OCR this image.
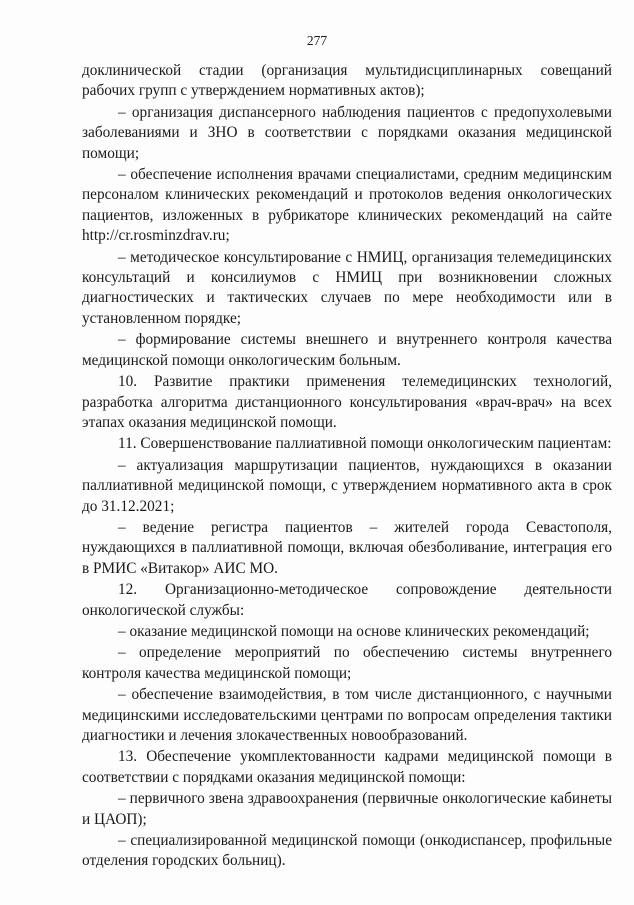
277

доклинической стадии (организация мультидисциплинарных совещаний рабочих групп с утверждением нормативных актов);

– организация диспансерного наблюдения пациентов с предопухолевыми заболеваниями и ЗНО в соответствии с порядками оказания медицинской помощи;

– обеспечение исполнения врачами специалистами, средним медицинским персоналом клинических рекомендаций и протоколов ведения онкологических пациентов, изложенных в рубрикаторе клинических рекомендаций на сайте http://cr.rosminzdrav.ru;

– методическое консультирование с НМИЦ, организация телемедицинских консультаций и консилиумов с НМИЦ при возникновении сложных диагностических и тактических случаев по мере необходимости или в установленном порядке;

– формирование системы внешнего и внутреннего контроля качества медицинской помощи онкологическим больным.

10. Развитие практики применения телемедицинских технологий, разработка алгоритма дистанционного консультирования «врач-врач» на всех этапах оказания медицинской помощи.

11. Совершенствование паллиативной помощи онкологическим пациентам:

– актуализация маршрутизации пациентов, нуждающихся в оказании паллиативной медицинской помощи, с утверждением нормативного акта в срок до 31.12.2021;

– ведение регистра пациентов – жителей города Севастополя, нуждающихся в паллиативной помощи, включая обезболивание, интеграция его в РМИС «Витакор» АИС МО.

12. Организационно-методическое сопровождение деятельности онкологической службы:

– оказание медицинской помощи на основе клинических рекомендаций;

– определение мероприятий по обеспечению системы внутреннего контроля качества медицинской помощи;

– обеспечение взаимодействия, в том числе дистанционного, с научными медицинскими исследовательскими центрами по вопросам определения тактики диагностики и лечения злокачественных новообразований.

13. Обеспечение укомплектованности кадрами медицинской помощи в соответствии с порядками оказания медицинской помощи:

– первичного звена здравоохранения (первичные онкологические кабинеты и ЦАОП);

– специализированной медицинской помощи (онкодиспансер, профильные отделения городских больниц).
